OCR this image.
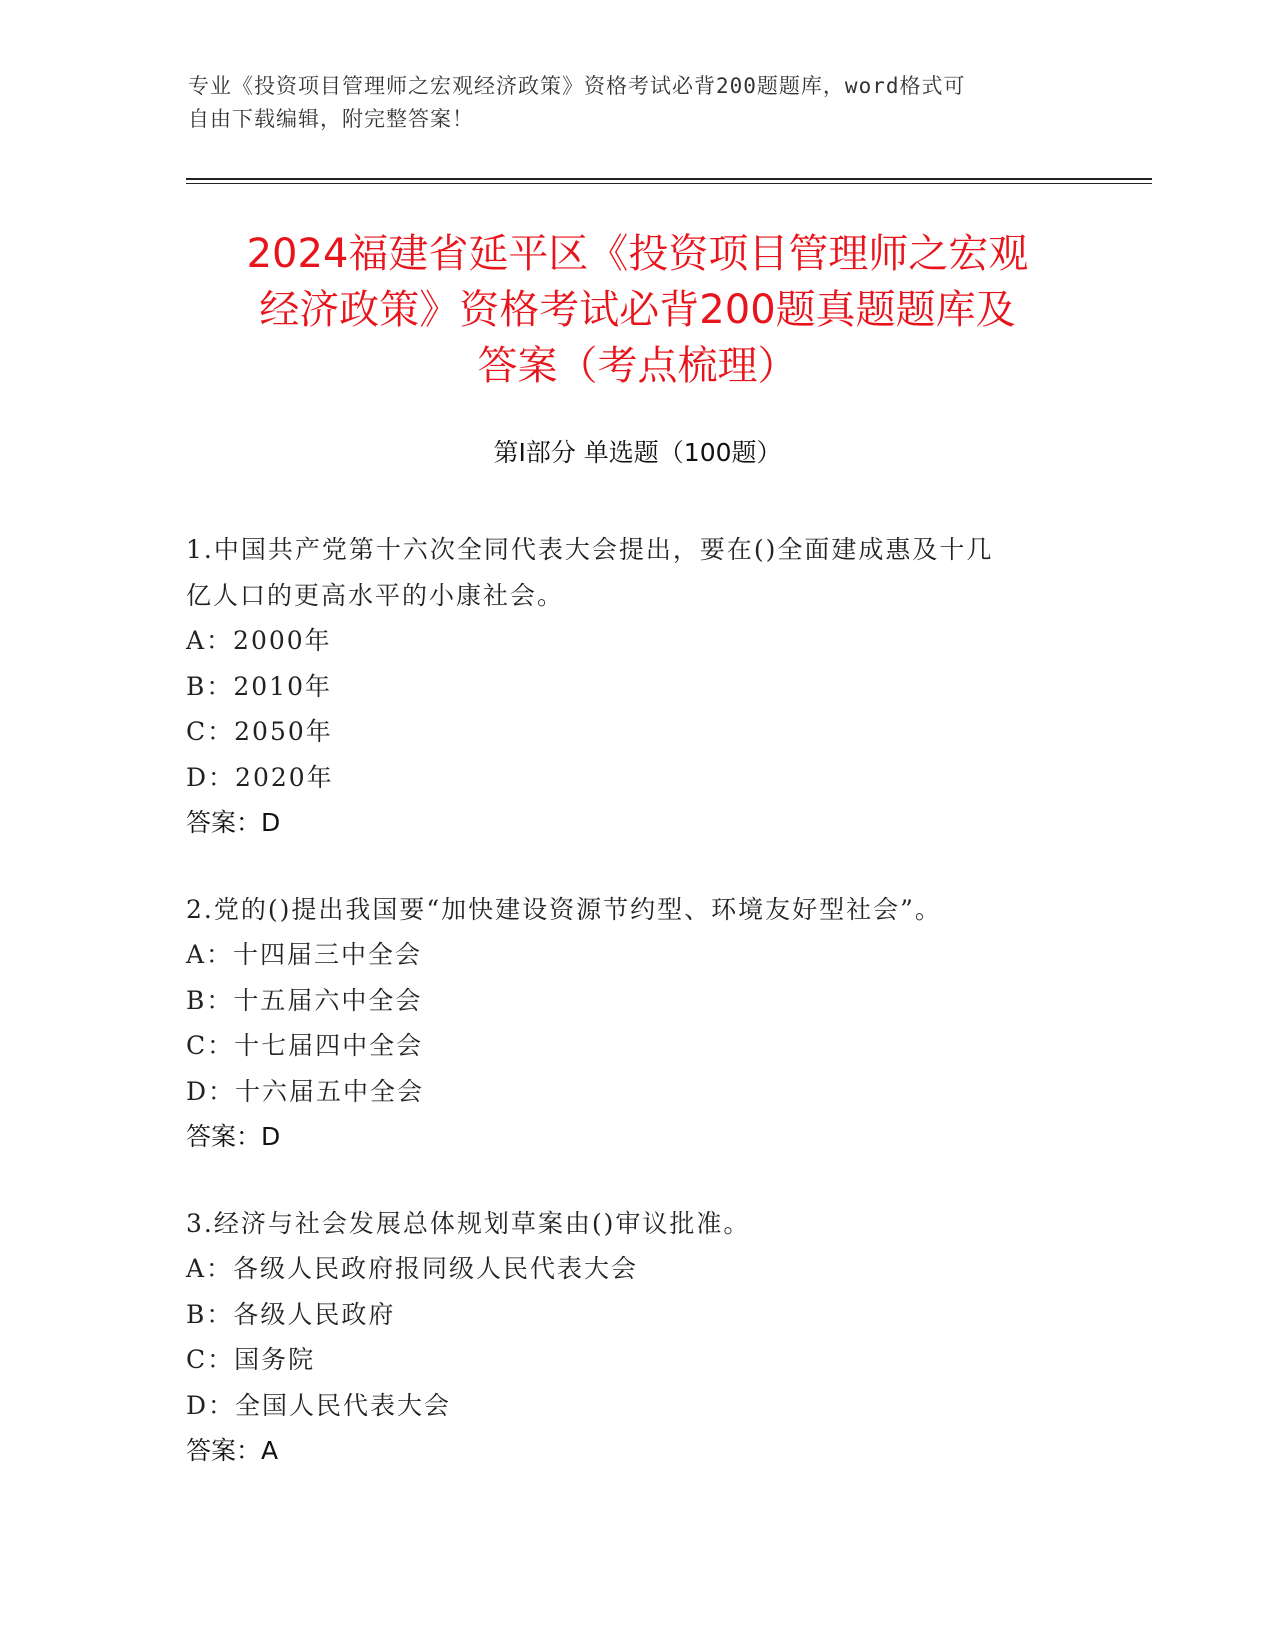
专业《投资项目管理师之宏观经济政策》资格考试必背200题题库，word格式可
自由下载编辑，附完整答案！
2024福建省延平区《投资项目管理师之宏观
经济政策》资格考试必背200题真题题库及
答案（考点梳理）
第I部分 单选题（100题）

1.中国共产党第十六次全同代表大会提出，要在()全面建成惠及十几

亿人口的更高水平的小康社会。

A：2000年

B：2010年

C：2050年

D：2020年

答案：D

2.党的()提出我国要“加快建设资源节约型、环境友好型社会”。

A：十四届三中全会

B：十五届六中全会

C：十七届四中全会

D：十六届五中全会

答案：D

3.经济与社会发展总体规划草案由()审议批准。

A：各级人民政府报同级人民代表大会

B：各级人民政府

C：国务院

D：全国人民代表大会

答案：A
